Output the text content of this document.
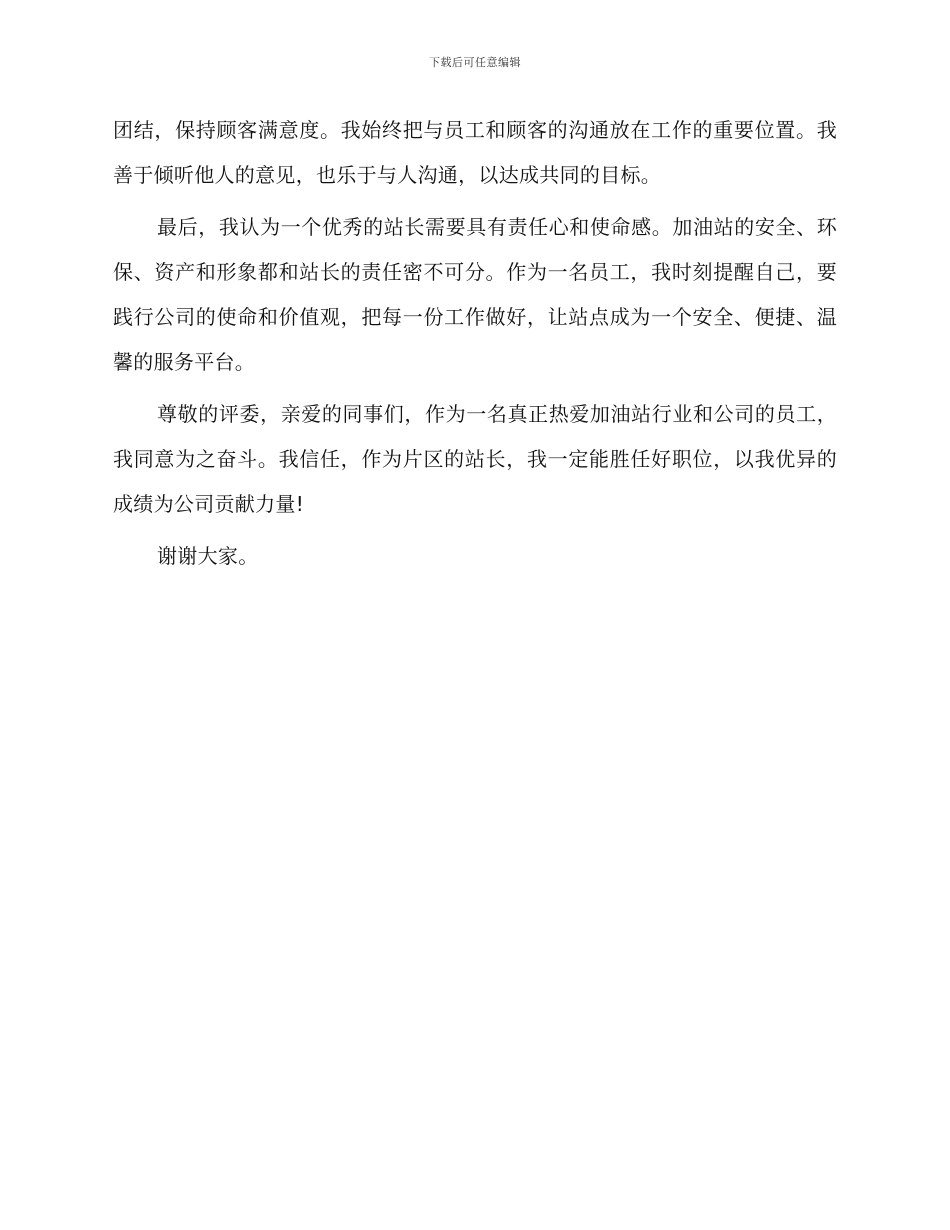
下载后可任意编辑

团结，保持顾客满意度。我始终把与员工和顾客的沟通放在工作的重要位置。我善于倾听他人的意见，也乐于与人沟通，以达成共同的目标。

最后，我认为一个优秀的站长需要具有责任心和使命感。加油站的安全、环保、资产和形象都和站长的责任密不可分。作为一名员工，我时刻提醒自己，要践行公司的使命和价值观，把每一份工作做好，让站点成为一个安全、便捷、温馨的服务平台。

尊敬的评委，亲爱的同事们，作为一名真正热爱加油站行业和公司的员工，我同意为之奋斗。我信任，作为片区的站长，我一定能胜任好职位，以我优异的成绩为公司贡献力量!

谢谢大家。
